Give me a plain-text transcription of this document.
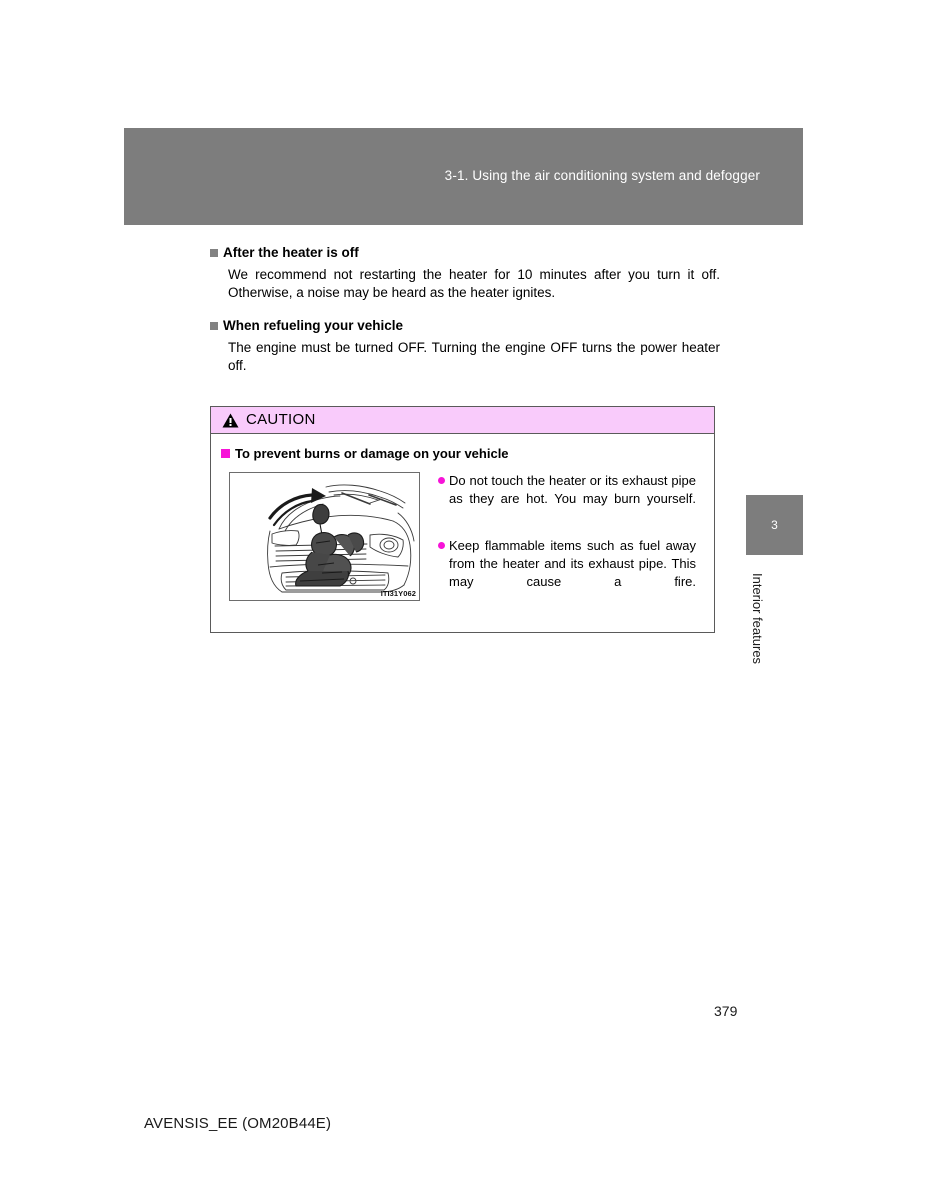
3-1. Using the air conditioning system and defogger
After the heater is off

We recommend not restarting the heater for 10 minutes after you turn it off. Otherwise, a noise may be heard as the heater ignites.

When refueling your vehicle

The engine must be turned OFF. Turning the engine OFF turns the power heater off.

CAUTION
To prevent burns or damage on your vehicle
ITI31Y062
Do not touch the heater or its exhaust pipe as they are hot. You may burn yourself.
Keep flammable items such as fuel away from the heater and its exhaust pipe. This may cause a fire.
3
Interior features
379
AVENSIS_EE (OM20B44E)
